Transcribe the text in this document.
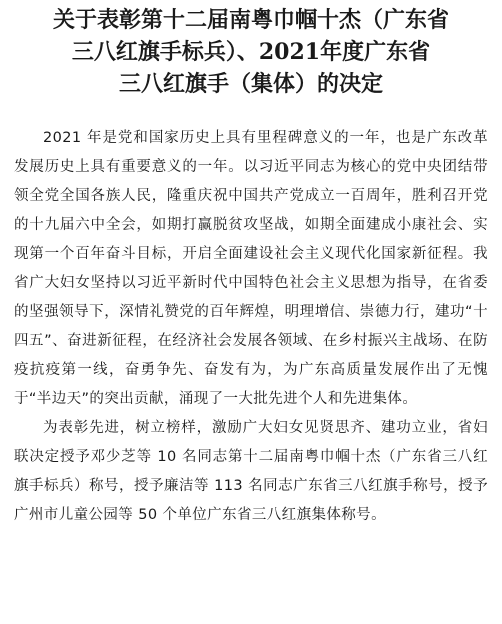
关于表彰第十二届南粤巾帼十杰（广东省
三八红旗手标兵）、2021年度广东省
三八红旗手（集体）的决定

2021 年是党和国家历史上具有里程碑意义的一年，也是广东改革发展历史上具有重要意义的一年。以习近平同志为核心的党中央团结带领全党全国各族人民，隆重庆祝中国共产党成立一百周年，胜利召开党的十九届六中全会，如期打赢脱贫攻坚战，如期全面建成小康社会、实现第一个百年奋斗目标，开启全面建设社会主义现代化国家新征程。我省广大妇女坚持以习近平新时代中国特色社会主义思想为指导，在省委的坚强领导下，深情礼赞党的百年辉煌，明理增信、崇德力行，建功“十四五”、奋进新征程，在经济社会发展各领域、在乡村振兴主战场、在防疫抗疫第一线，奋勇争先、奋发有为，为广东高质量发展作出了无愧于“半边天”的突出贡献，涌现了一大批先进个人和先进集体。

为表彰先进，树立榜样，激励广大妇女见贤思齐、建功立业，省妇联决定授予邓少芝等 10 名同志第十二届南粤巾帼十杰（广东省三八红旗手标兵）称号，授予廉洁等 113 名同志广东省三八红旗手称号，授予广州市儿童公园等 50 个单位广东省三八红旗集体称号。
